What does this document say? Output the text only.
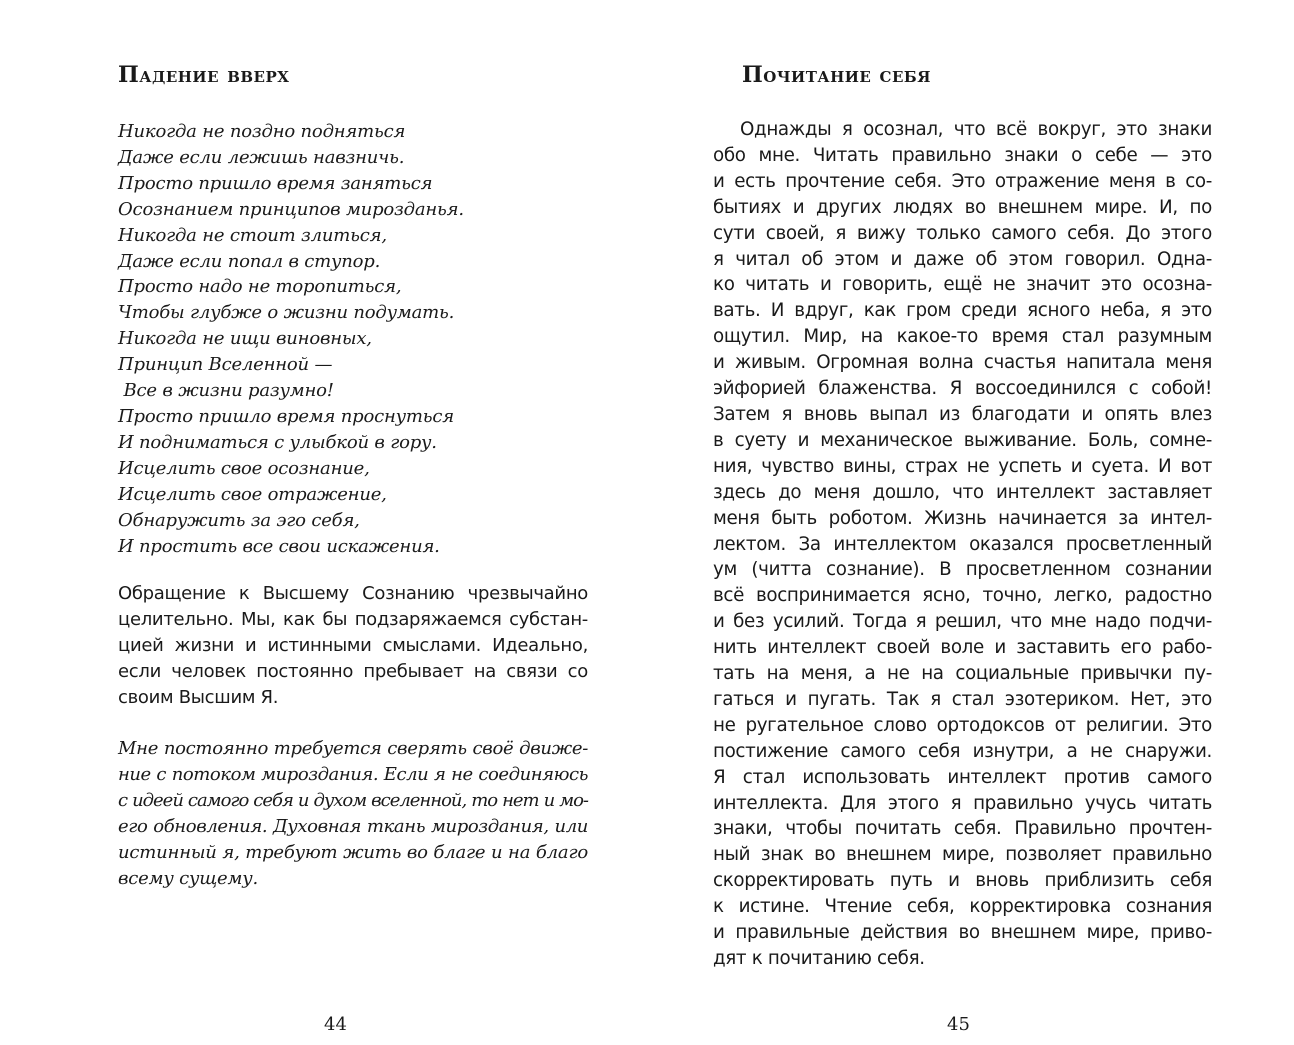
Падение вверх
Никогда не поздно подняться
Даже если лежишь навзничь.
Просто пришло время заняться
Осознанием принципов мирозданья.
Никогда не стоит злиться,
Даже если попал в ступор.
Просто надо не торопиться,
Чтобы глубже о жизни подумать.
Никогда не ищи виновных,
Принцип Вселенной —
Все в жизни разумно!
Просто пришло время проснуться
И подниматься с улыбкой в гору.
Исцелить свое осознание,
Исцелить свое отражение,
Обнаружить за эго себя,
И простить все свои искажения.
Обращение к Высшему Сознанию чрезвычайно
целительно. Мы, как бы подзаряжаемся субстан-
цией жизни и истинными смыслами. Идеально,
если человек постоянно пребывает на связи со
своим Высшим Я.
Мне постоянно требуется сверять своё движе-
ние с потоком мироздания. Если я не соединяюсь
с идеей самого себя и духом вселенной, то нет и мо-
его обновления. Духовная ткань мироздания, или
истинный я, требуют жить во благе и на благо
всему сущему.
44
Почитание себя
Однажды я осознал, что всё вокруг, это знаки
обо мне. Читать правильно знаки о себе — это
и есть прочтение себя. Это отражение меня в со-
бытиях и других людях во внешнем мире. И, по
сути своей, я вижу только самого себя. До этого
я читал об этом и даже об этом говорил. Одна-
ко читать и говорить, ещё не значит это осозна-
вать. И вдруг, как гром среди ясного неба, я это
ощутил. Мир, на какое-то время стал разумным
и живым. Огромная волна счастья напитала меня
эйфорией блаженства. Я воссоединился с собой!
Затем я вновь выпал из благодати и опять влез
в суету и механическое выживание. Боль, сомне-
ния, чувство вины, страх не успеть и суета. И вот
здесь до меня дошло, что интеллект заставляет
меня быть роботом. Жизнь начинается за интел-
лектом. За интеллектом оказался просветленный
ум (читта сознание). В просветленном сознании
всё воспринимается ясно, точно, легко, радостно
и без усилий. Тогда я решил, что мне надо подчи-
нить интеллект своей воле и заставить его рабо-
тать на меня, а не на социальные привычки пу-
гаться и пугать. Так я стал эзотериком. Нет, это
не ругательное слово ортодоксов от религии. Это
постижение самого себя изнутри, а не снаружи.
Я стал использовать интеллект против самого
интеллекта. Для этого я правильно учусь читать
знаки, чтобы почитать себя. Правильно прочтен-
ный знак во внешнем мире, позволяет правильно
скорректировать путь и вновь приблизить себя
к истине. Чтение себя, корректировка сознания
и правильные действия во внешнем мире, приво-
дят к почитанию себя.
45
